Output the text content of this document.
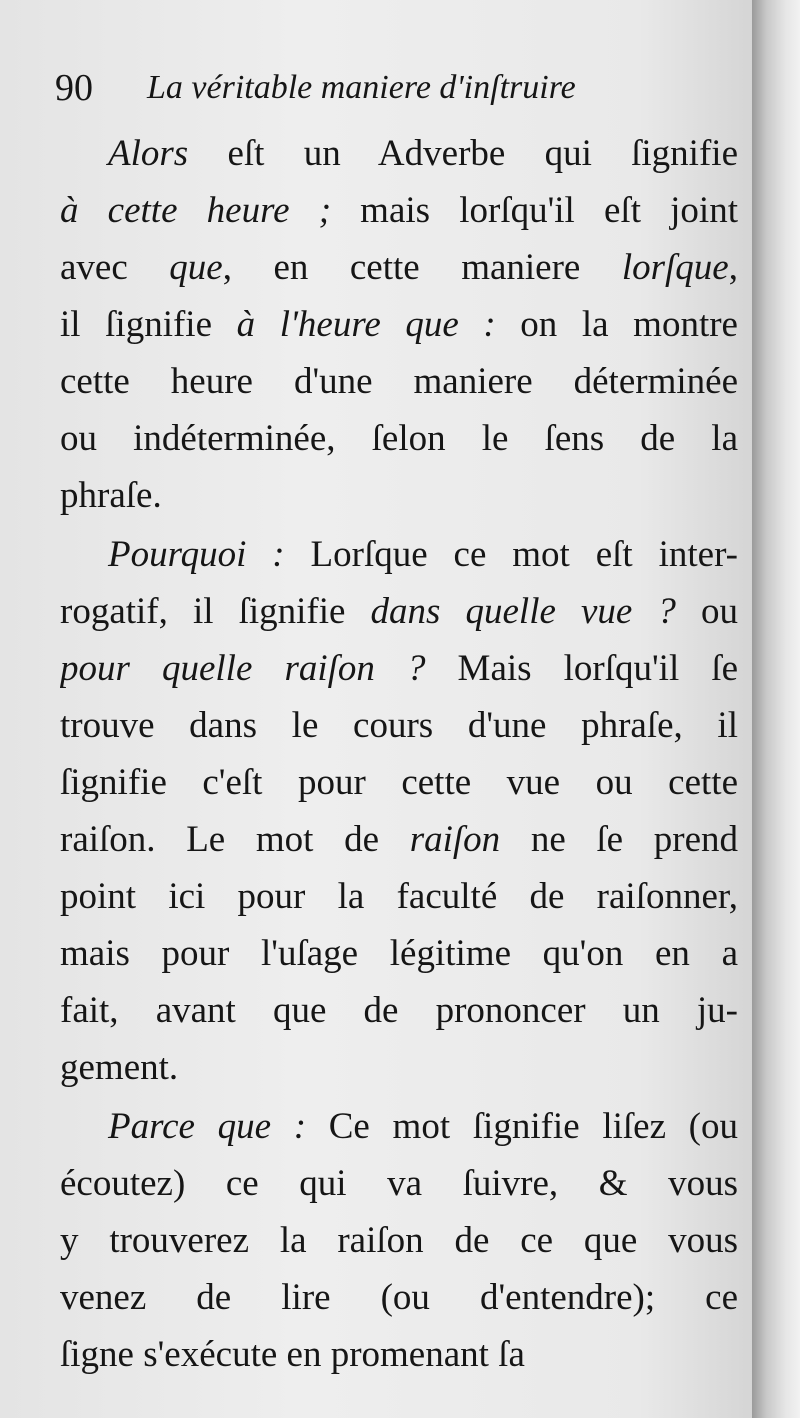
90 La véritable maniere d'inſtruire
Alors eſt un Adverbe qui ſignifie
à cette heure ; mais lorſqu'il eſt joint
avec que, en cette maniere lorſque,
il ſignifie à l'heure que : on la montre
cette heure d'une maniere déterminée
ou indéterminée, ſelon le ſens de la
phraſe.
Pourquoi : Lorſque ce mot eſt inter-
rogatif, il ſignifie dans quelle vue ? ou
pour quelle raiſon ? Mais lorſqu'il ſe
trouve dans le cours d'une phraſe, il
ſignifie c'eſt pour cette vue ou cette
raiſon. Le mot de raiſon ne ſe prend
point ici pour la faculté de raiſonner,
mais pour l'uſage légitime qu'on en a
fait, avant que de prononcer un ju-
gement.
Parce que : Ce mot ſignifie liſez (ou
écoutez) ce qui va ſuivre, & vous
y trouverez la raiſon de ce que vous
venez de lire (ou d'entendre); ce
ſigne s'exécute en promenant ſa
